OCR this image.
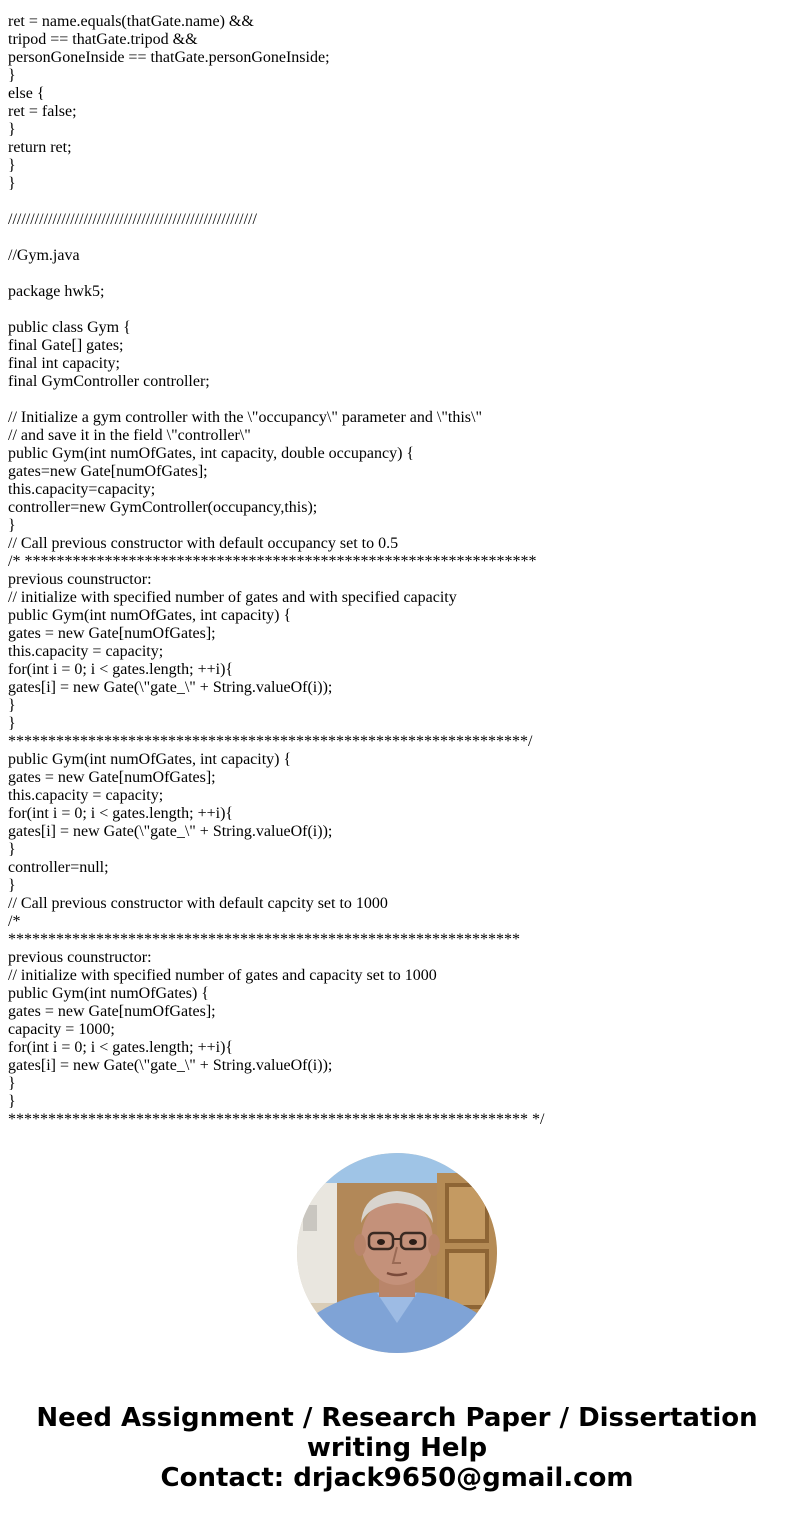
ret = name.equals(thatGate.name) &&
tripod == thatGate.tripod &&
personGoneInside == thatGate.personGoneInside;
}
else {
ret = false;
}
return ret;
}
}
////////////////////////////////////////////////////////
//Gym.java
package hwk5;
public class Gym {
final Gate[] gates;
final int capacity;
final GymController controller;
// Initialize a gym controller with the \"occupancy\" parameter and \"this\"
// and save it in the field \"controller\"
public Gym(int numOfGates, int capacity, double occupancy) {
gates=new Gate[numOfGates];
this.capacity=capacity;
controller=new GymController(occupancy,this);
}
// Call previous constructor with default occupancy set to 0.5
/* ****************************************************************
previous counstructor:
// initialize with specified number of gates and with specified capacity
public Gym(int numOfGates, int capacity) {
gates = new Gate[numOfGates];
this.capacity = capacity;
for(int i = 0; i < gates.length; ++i){
gates[i] = new Gate(\"gate_\" + String.valueOf(i));
}
}
*****************************************************************/
public Gym(int numOfGates, int capacity) {
gates = new Gate[numOfGates];
this.capacity = capacity;
for(int i = 0; i < gates.length; ++i){
gates[i] = new Gate(\"gate_\" + String.valueOf(i));
}
controller=null;
}
// Call previous constructor with default capcity set to 1000
/*
****************************************************************
previous counstructor:
// initialize with specified number of gates and capacity set to 1000
public Gym(int numOfGates) {
gates = new Gate[numOfGates];
capacity = 1000;
for(int i = 0; i < gates.length; ++i){
gates[i] = new Gate(\"gate_\" + String.valueOf(i));
}
}
***************************************************************** */
Need Assignment / Research Paper / Dissertation
writing Help
Contact: drjack9650@gmail.com
